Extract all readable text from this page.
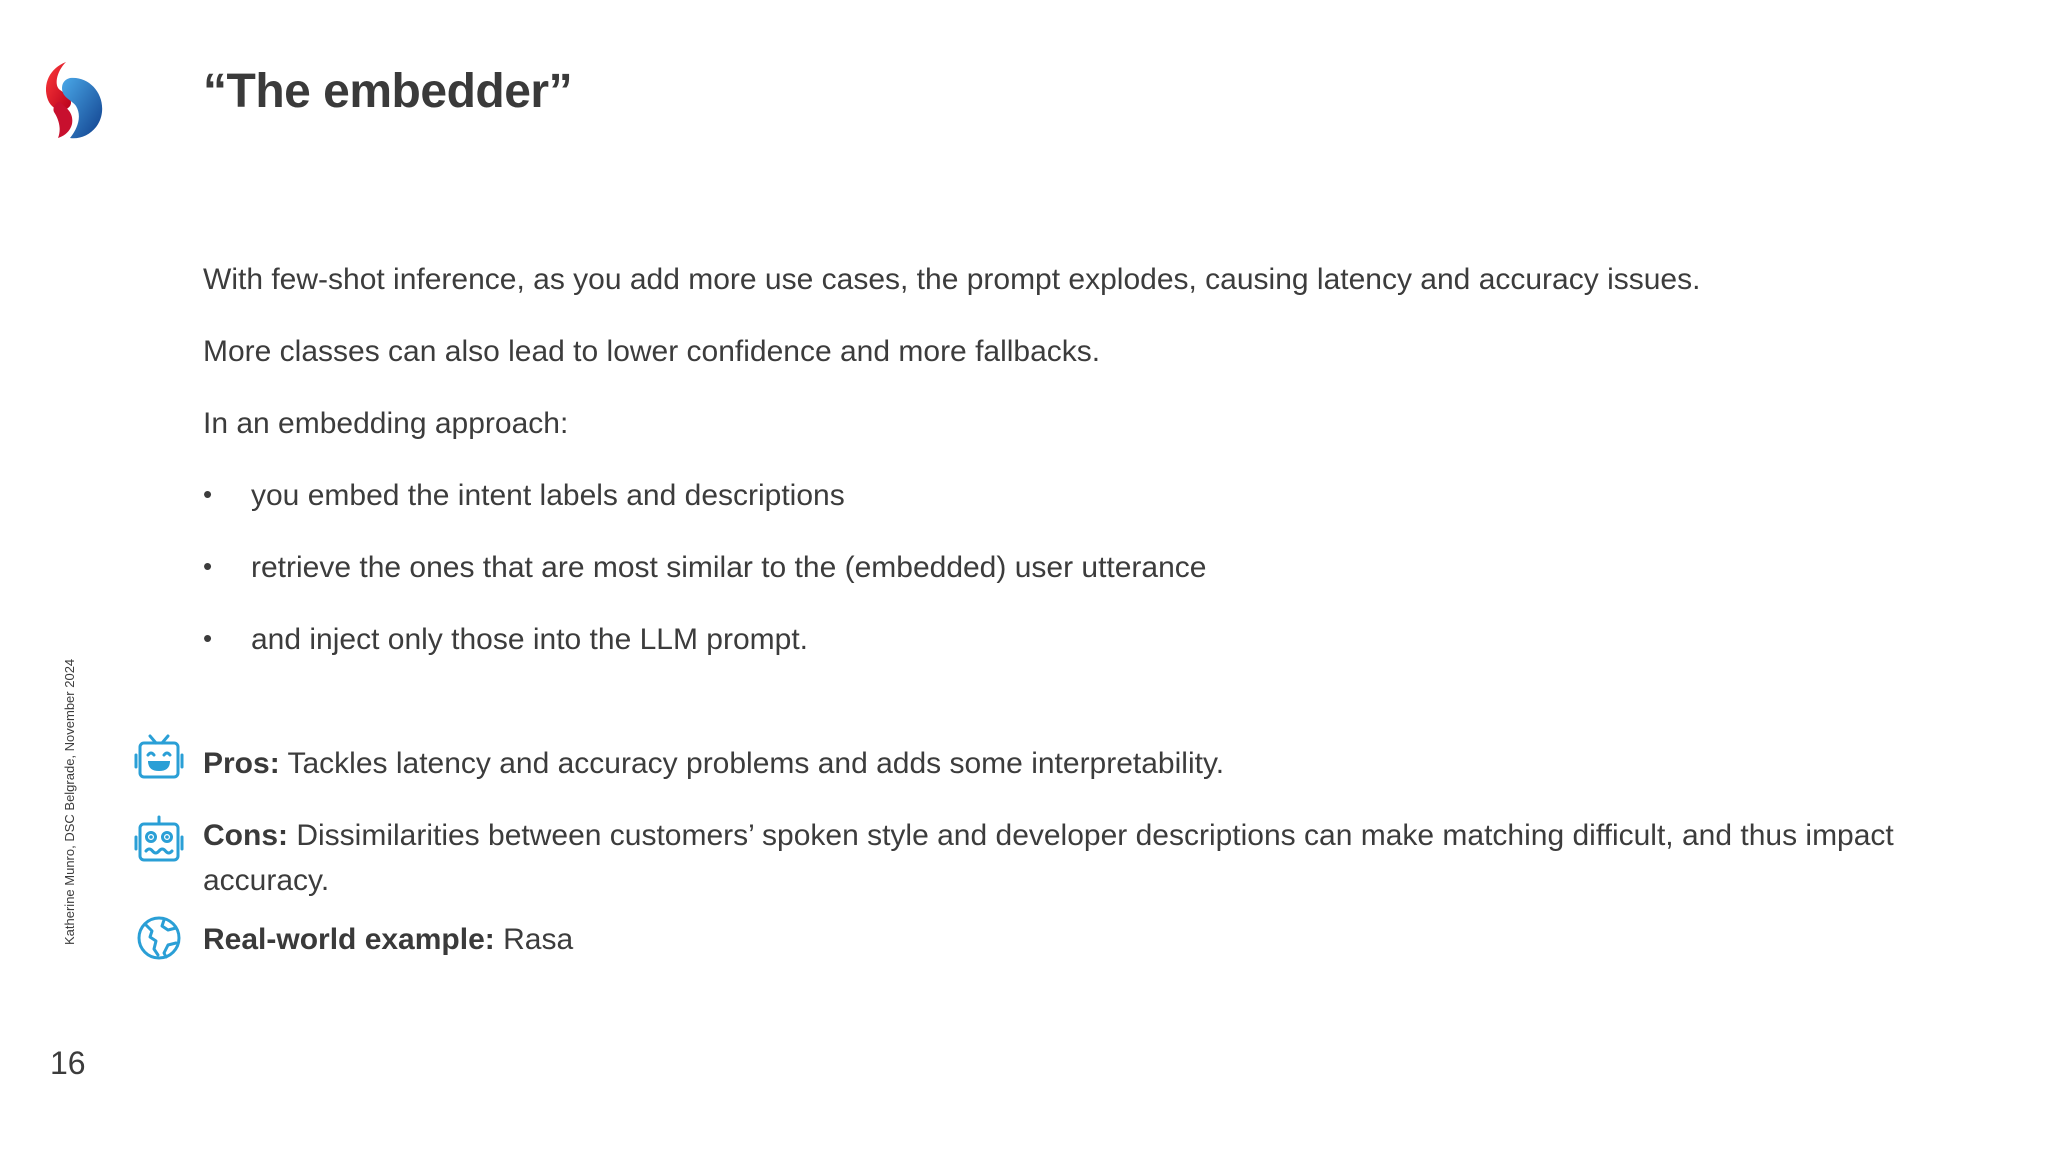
“The embedder”
With few-shot inference, as you add more use cases, the prompt explodes, causing latency and accuracy issues.
More classes can also lead to lower confidence and more fallbacks.
In an embedding approach:
• you embed the intent labels and descriptions
• retrieve the ones that are most similar to the (embedded) user utterance
• and inject only those into the LLM prompt.
Pros: Tackles latency and accuracy problems and adds some interpretability.
Cons: Dissimilarities between customers’ spoken style and developer descriptions can make matching difficult, and thus impact accuracy.
Real-world example: Rasa
Katherine Munro, DSC Belgrade, November 2024
16
